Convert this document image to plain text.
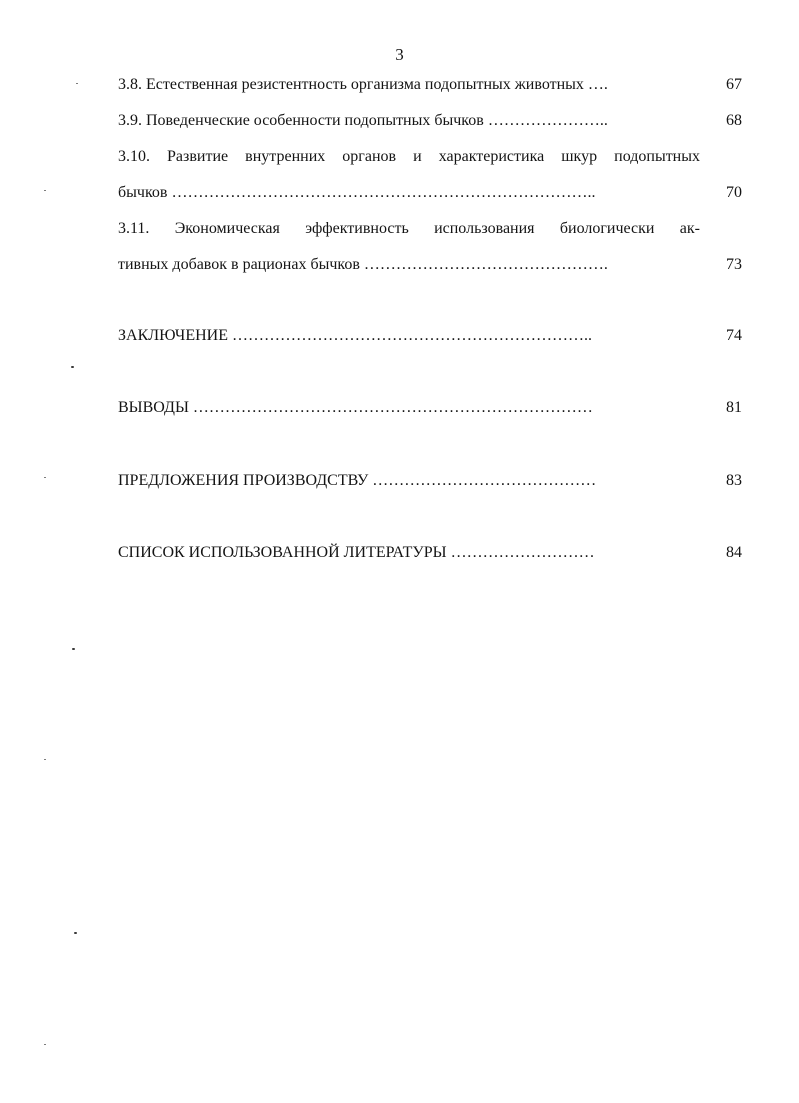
3
3.8. Естественная резистентность организма подопытных животных ….	67
3.9. Поведенческие особенности подопытных бычков …………………..	68
3.10. Развитие внутренних органов и характеристика шкур подопытных
бычков ……………………………………………………………………..	70
3.11. Экономическая эффективность использования биологически ак-
тивных добавок в рационах бычков ……………………………………….	73
ЗАКЛЮЧЕНИЕ …………………………………………………………..	74
ВЫВОДЫ …………………………………………………………………	81
ПРЕДЛОЖЕНИЯ ПРОИЗВОДСТВУ ……………………………………	83
СПИСОК ИСПОЛЬЗОВАННОЙ ЛИТЕРАТУРЫ ………………………	84
